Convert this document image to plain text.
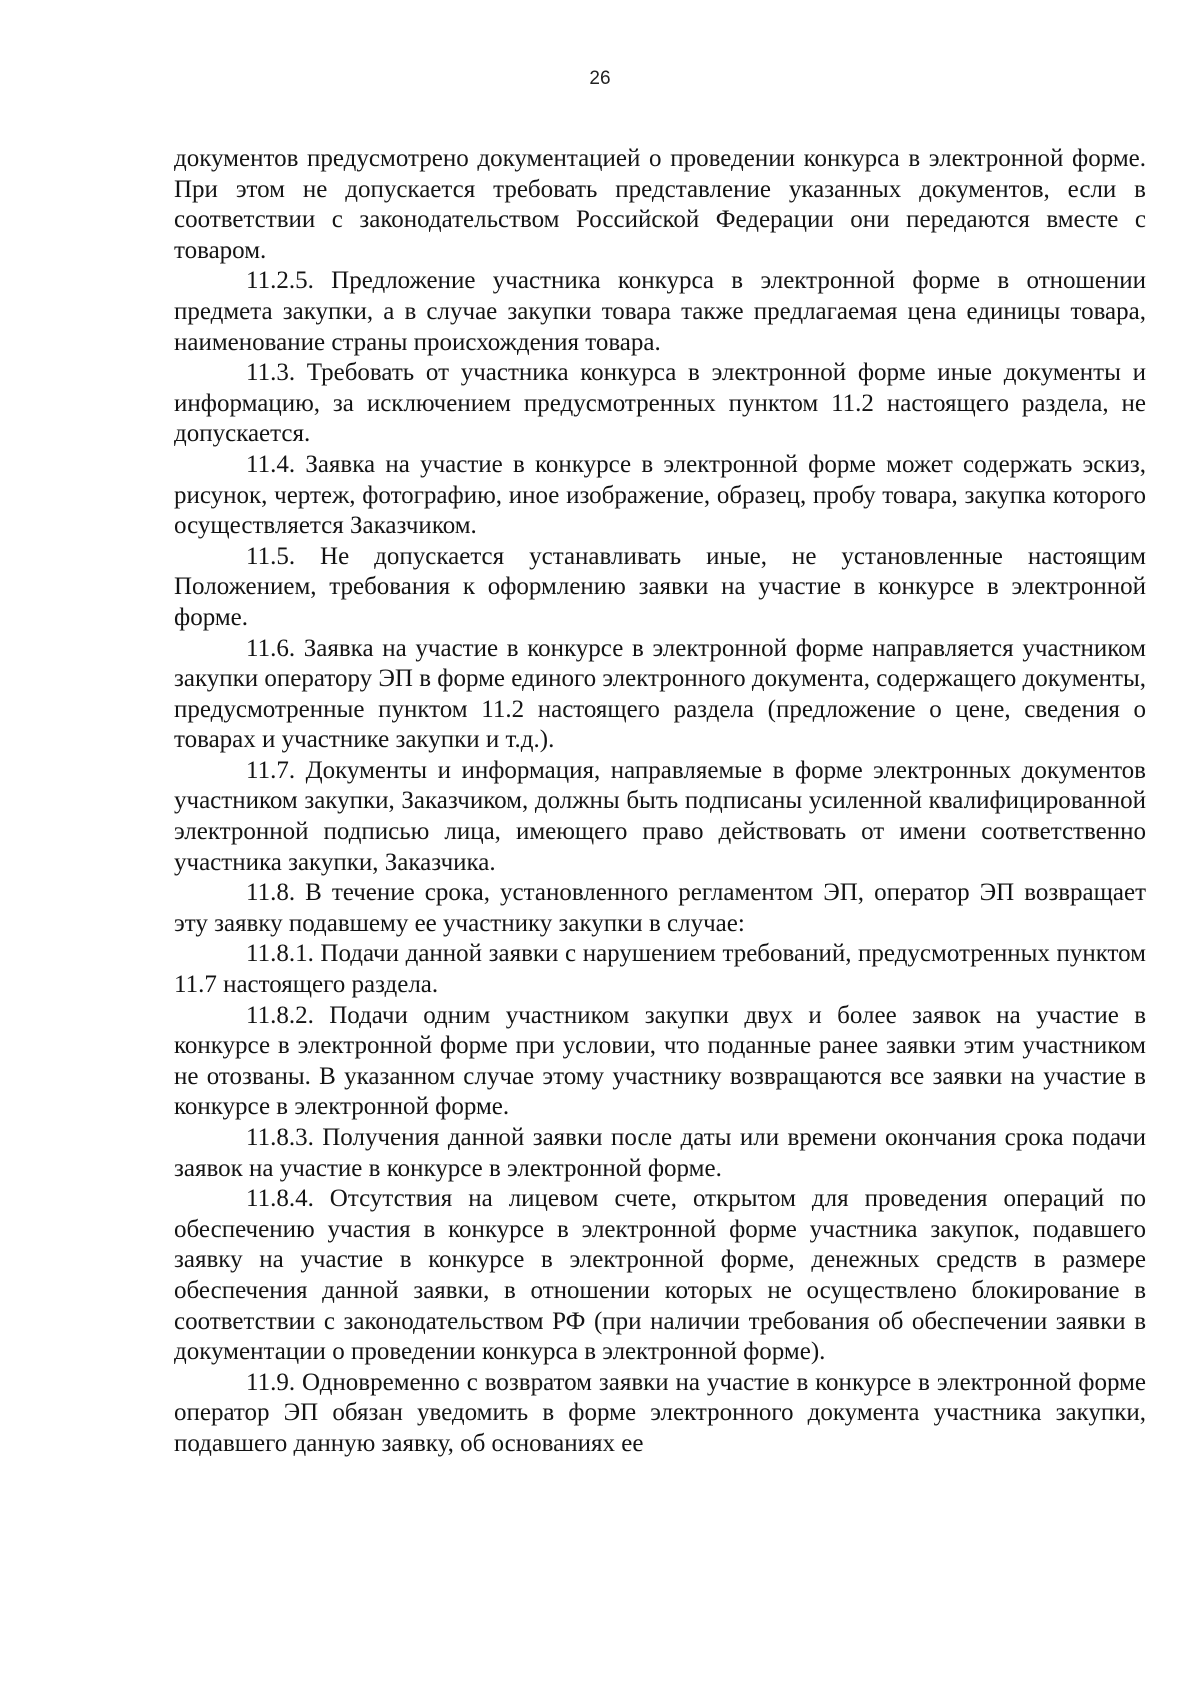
26

документов предусмотрено документацией о проведении конкурса в электронной форме. При этом не допускается требовать представление указанных документов, если в соответствии с законодательством Российской Федерации они передаются вместе с товаром.

11.2.5. Предложение участника конкурса в электронной форме в отношении предмета закупки, а в случае закупки товара также предлагаемая цена единицы товара, наименование страны происхождения товара.

11.3. Требовать от участника конкурса в электронной форме иные документы и информацию, за исключением предусмотренных пунктом 11.2 настоящего раздела, не допускается.

11.4. Заявка на участие в конкурсе в электронной форме может содержать эскиз, рисунок, чертеж, фотографию, иное изображение, образец, пробу товара, закупка которого осуществляется Заказчиком.

11.5. Не допускается устанавливать иные, не установленные настоящим Положением, требования к оформлению заявки на участие в конкурсе в электронной форме.

11.6. Заявка на участие в конкурсе в электронной форме направляется участником закупки оператору ЭП в форме единого электронного документа, содержащего документы, предусмотренные пунктом 11.2 настоящего раздела (предложение о цене, сведения о товарах и участнике закупки и т.д.).

11.7. Документы и информация, направляемые в форме электронных документов участником закупки, Заказчиком, должны быть подписаны усиленной квалифицированной электронной подписью лица, имеющего право действовать от имени соответственно участника закупки, Заказчика.

11.8. В течение срока, установленного регламентом ЭП, оператор ЭП возвращает эту заявку подавшему ее участнику закупки в случае:

11.8.1. Подачи данной заявки с нарушением требований, предусмотренных пунктом 11.7 настоящего раздела.

11.8.2. Подачи одним участником закупки двух и более заявок на участие в конкурсе в электронной форме при условии, что поданные ранее заявки этим участником не отозваны. В указанном случае этому участнику возвращаются все заявки на участие в конкурсе в электронной форме.

11.8.3. Получения данной заявки после даты или времени окончания срока подачи заявок на участие в конкурсе в электронной форме.

11.8.4. Отсутствия на лицевом счете, открытом для проведения операций по обеспечению участия в конкурсе в электронной форме участника закупок, подавшего заявку на участие в конкурсе в электронной форме, денежных средств в размере обеспечения данной заявки, в отношении которых не осуществлено блокирование в соответствии с законодательством РФ (при наличии требования об обеспечении заявки в документации о проведении конкурса в электронной форме).

11.9. Одновременно с возвратом заявки на участие в конкурсе в электронной форме оператор ЭП обязан уведомить в форме электронного документа участника закупки, подавшего данную заявку, об основаниях ее
